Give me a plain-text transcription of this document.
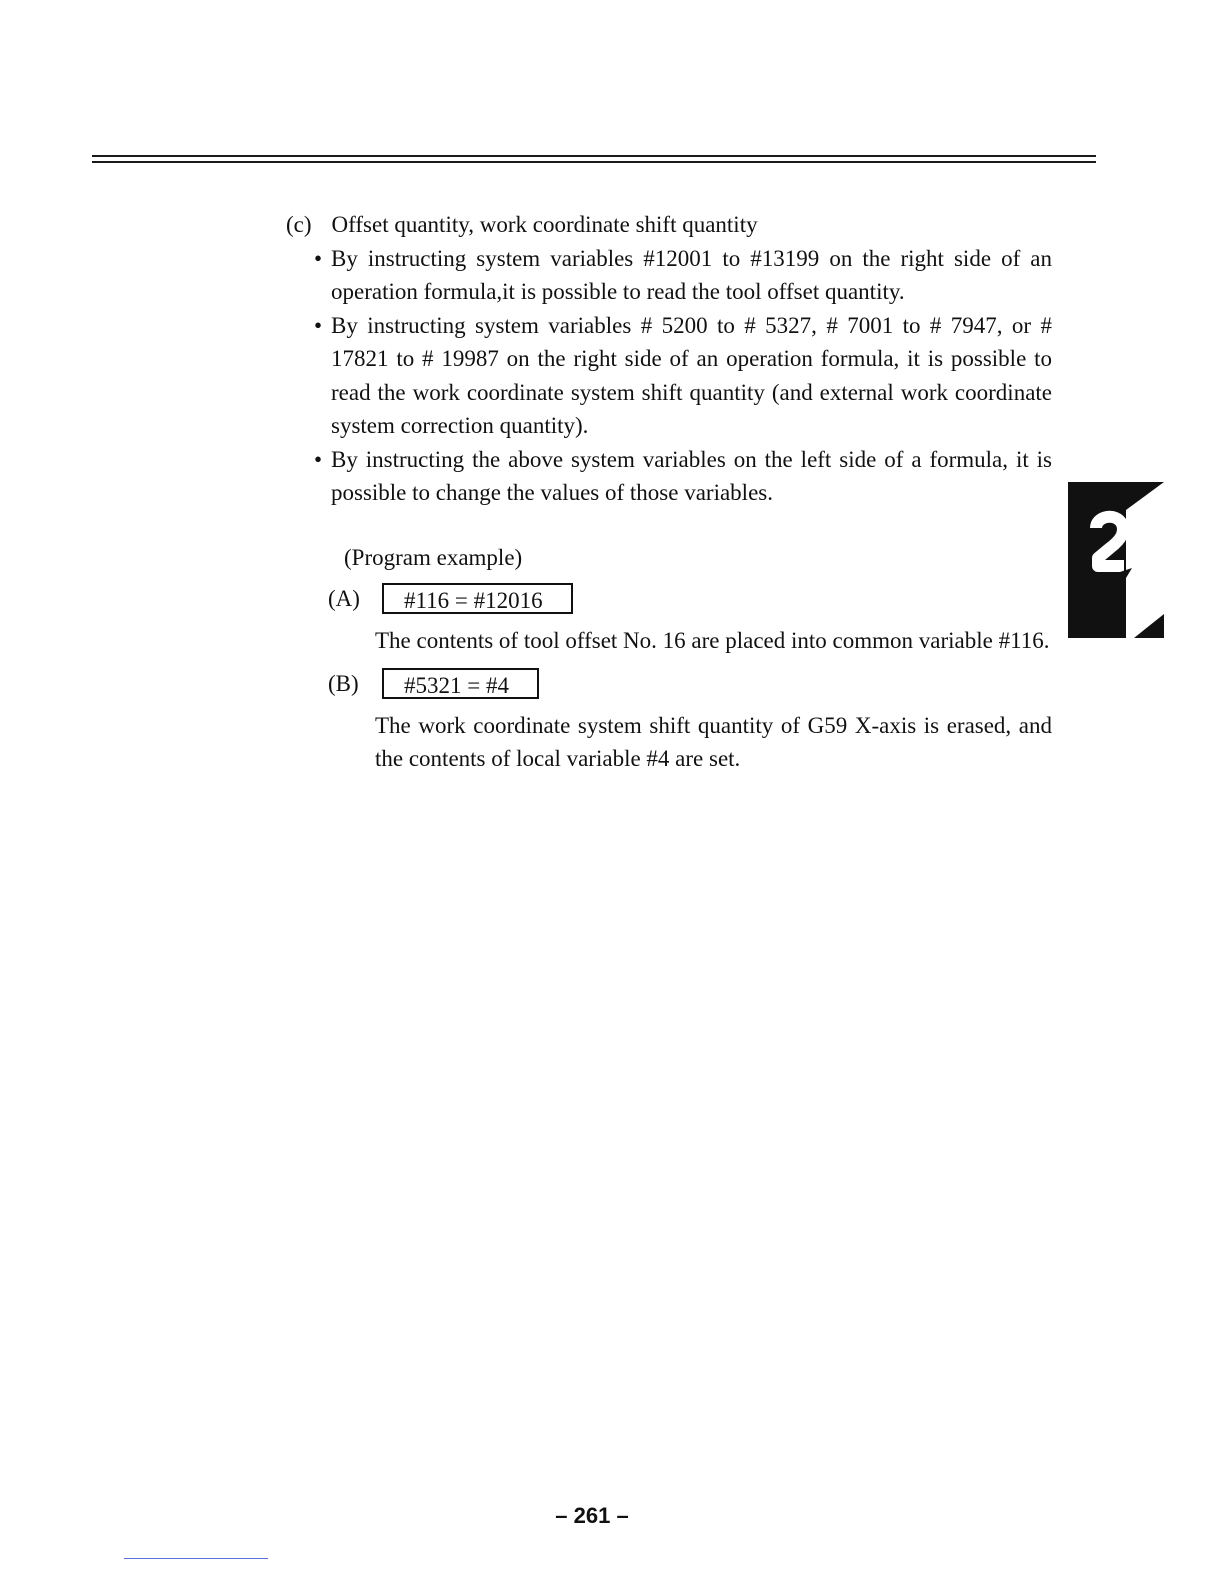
(c) Offset quantity, work coordinate shift quantity
• By instructing system variables #12001 to #13199 on the right side of an operation formula,it is possible to read the tool offset quantity.
• By instructing system variables # 5200 to # 5327, # 7001 to # 7947, or # 17821 to # 19987 on the right side of an operation formula, it is possible to read the work coordinate system shift quantity (and external work coordinate system correction quantity).
• By instructing the above system variables on the left side of a formula, it is possible to change the values of those variables.
(Program example)
(A)	#116 = #12016
The contents of tool offset No. 16 are placed into common variable #116.
(B)	#5321 = #4
The work coordinate system shift quantity of G59 X-axis is erased, and the contents of local variable #4 are set.
– 261 –
